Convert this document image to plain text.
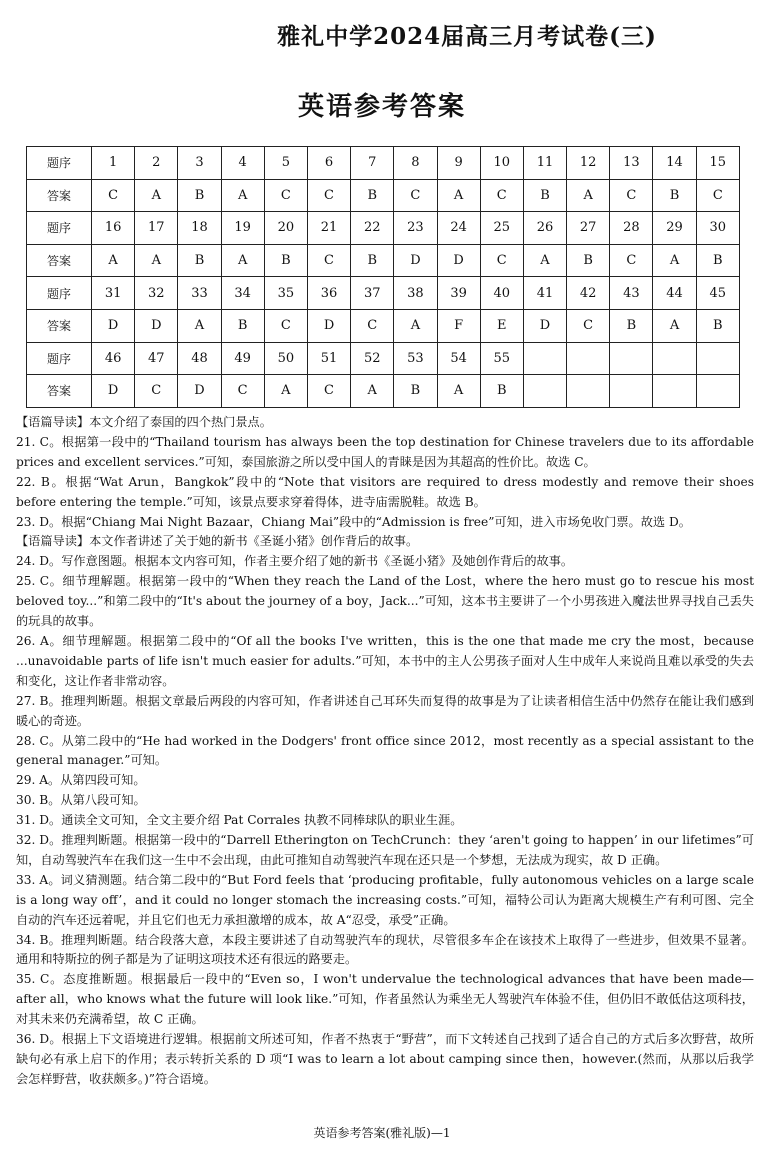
雅礼中学2024届高三月考试卷(三)
英语参考答案
题序	1	2	3	4	5	6	7	8	9	10	11	12	13	14	15
答案	C	A	B	A	C	C	B	C	A	C	B	A	C	B	C
题序	16	17	18	19	20	21	22	23	24	25	26	27	28	29	30
答案	A	A	B	A	B	C	B	D	D	C	A	B	C	A	B
题序	31	32	33	34	35	36	37	38	39	40	41	42	43	44	45
答案	D	D	A	B	C	D	C	A	F	E	D	C	B	A	B
题序	46	47	48	49	50	51	52	53	54	55					
答案	D	C	D	C	A	C	A	B	A	B					
【语篇导读】本文介绍了泰国的四个热门景点。
21. C。根据第一段中的“Thailand tourism has always been the top destination for Chinese travelers due to its affordable prices and excellent services.”可知，泰国旅游之所以受中国人的青睐是因为其超高的性价比。故选 C。
22. B。根据“Wat Arun，Bangkok”段中的“Note that visitors are required to dress modestly and remove their shoes before entering the temple.”可知，该景点要求穿着得体，进寺庙需脱鞋。故选 B。
23. D。根据“Chiang Mai Night Bazaar，Chiang Mai”段中的“Admission is free”可知，进入市场免收门票。故选 D。
【语篇导读】本文作者讲述了关于她的新书《圣诞小猪》创作背后的故事。
24. D。写作意图题。根据本文内容可知，作者主要介绍了她的新书《圣诞小猪》及她创作背后的故事。
25. C。细节理解题。根据第一段中的“When they reach the Land of the Lost，where the hero must go to rescue his most beloved toy...”和第二段中的“It's about the journey of a boy，Jack...”可知，这本书主要讲了一个小男孩进入魔法世界寻找自己丢失的玩具的故事。
26. A。细节理解题。根据第二段中的“Of all the books I've written，this is the one that made me cry the most，because ...unavoidable parts of life isn't much easier for adults.”可知，本书中的主人公男孩子面对人生中成年人来说尚且难以承受的失去和变化，这让作者非常动容。
27. B。推理判断题。根据文章最后两段的内容可知，作者讲述自己耳环失而复得的故事是为了让读者相信生活中仍然存在能让我们感到暖心的奇迹。
28. C。从第二段中的“He had worked in the Dodgers' front office since 2012，most recently as a special assistant to the general manager.”可知。
29. A。从第四段可知。
30. B。从第八段可知。
31. D。通读全文可知，全文主要介绍 Pat Corrales 执教不同棒球队的职业生涯。
32. D。推理判断题。根据第一段中的“Darrell Etherington on TechCrunch：they ‘aren't going to happen’ in our lifetimes”可知，自动驾驶汽车在我们这一生中不会出现，由此可推知自动驾驶汽车现在还只是一个梦想，无法成为现实，故 D 正确。
33. A。词义猜测题。结合第二段中的“But Ford feels that ‘producing profitable，fully autonomous vehicles on a large scale is a long way off’，and it could no longer stomach the increasing costs.”可知，福特公司认为距离大规模生产有利可图、完全自动的汽车还远着呢，并且它们也无力承担激增的成本，故 A“忍受，承受”正确。
34. B。推理判断题。结合段落大意，本段主要讲述了自动驾驶汽车的现状，尽管很多车企在该技术上取得了一些进步，但效果不显著。通用和特斯拉的例子都是为了证明这项技术还有很远的路要走。
35. C。态度推断题。根据最后一段中的“Even so，I won't undervalue the technological advances that have been made—after all，who knows what the future will look like.”可知，作者虽然认为乘坐无人驾驶汽车体验不佳，但仍旧不敢低估这项科技，对其未来仍充满希望，故 C 正确。
36. D。根据上下文语境进行逻辑。根据前文所述可知，作者不热衷于“野营”，而下文转述自己找到了适合自己的方式后多次野营，故所缺句必有承上启下的作用；表示转折关系的 D 项“I was to learn a lot about camping since then，however.(然而，从那以后我学会怎样野营，收获颇多。)”符合语境。
英语参考答案(雅礼版)—1
